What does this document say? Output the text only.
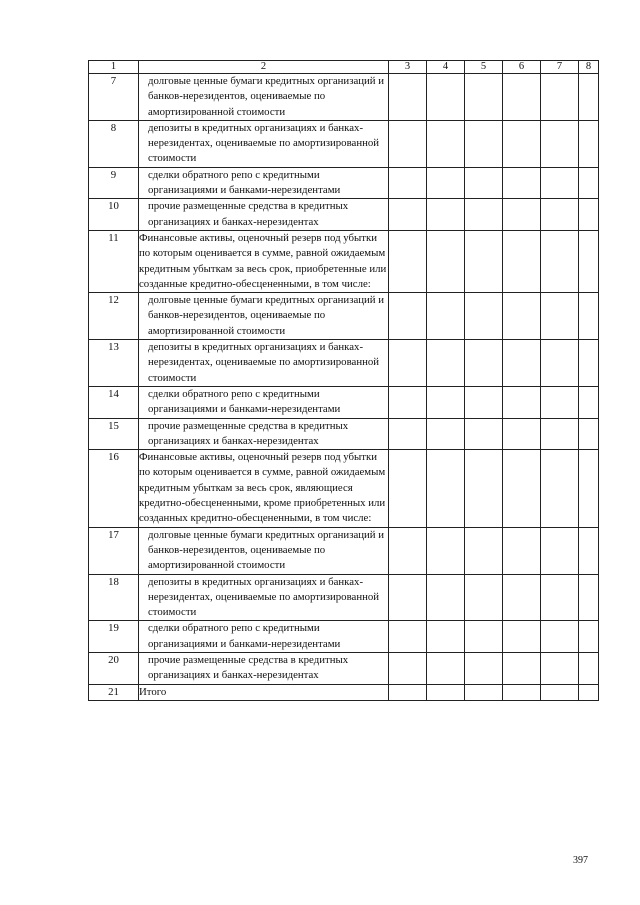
1	2	3	4	5	6	7	8
7	долговые ценные бумаги кредитных организаций и банков-нерезидентов, оцениваемые по амортизированной стоимости						
8	депозиты в кредитных организациях и банках-нерезидентах, оцениваемые по амортизированной стоимости						
9	сделки обратного репо с кредитными организациями и банками-нерезидентами						
10	прочие размещенные средства в кредитных организациях и банках-нерезидентах						
11	Финансовые активы, оценочный резерв под убытки по которым оценивается в сумме, равной ожидаемым кредитным убыткам за весь срок, приобретенные или созданные кредитно-обесцененными, в том числе:						
12	долговые ценные бумаги кредитных организаций и банков-нерезидентов, оцениваемые по амортизированной стоимости						
13	депозиты в кредитных организациях и банках-нерезидентах, оцениваемые по амортизированной стоимости						
14	сделки обратного репо с кредитными организациями и банками-нерезидентами						
15	прочие размещенные средства в кредитных организациях и банках-нерезидентах						
16	Финансовые активы, оценочный резерв под убытки по которым оценивается в сумме, равной ожидаемым кредитным убыткам за весь срок, являющиеся кредитно-обесцененными, кроме приобретенных или созданных кредитно-обесцененными, в том числе:						
17	долговые ценные бумаги кредитных организаций и банков-нерезидентов, оцениваемые по амортизированной стоимости						
18	депозиты в кредитных организациях и банках-нерезидентах, оцениваемые по амортизированной стоимости						
19	сделки обратного репо с кредитными организациями и банками-нерезидентами						
20	прочие размещенные средства в кредитных организациях и банках-нерезидентах						
21	Итого						
397
